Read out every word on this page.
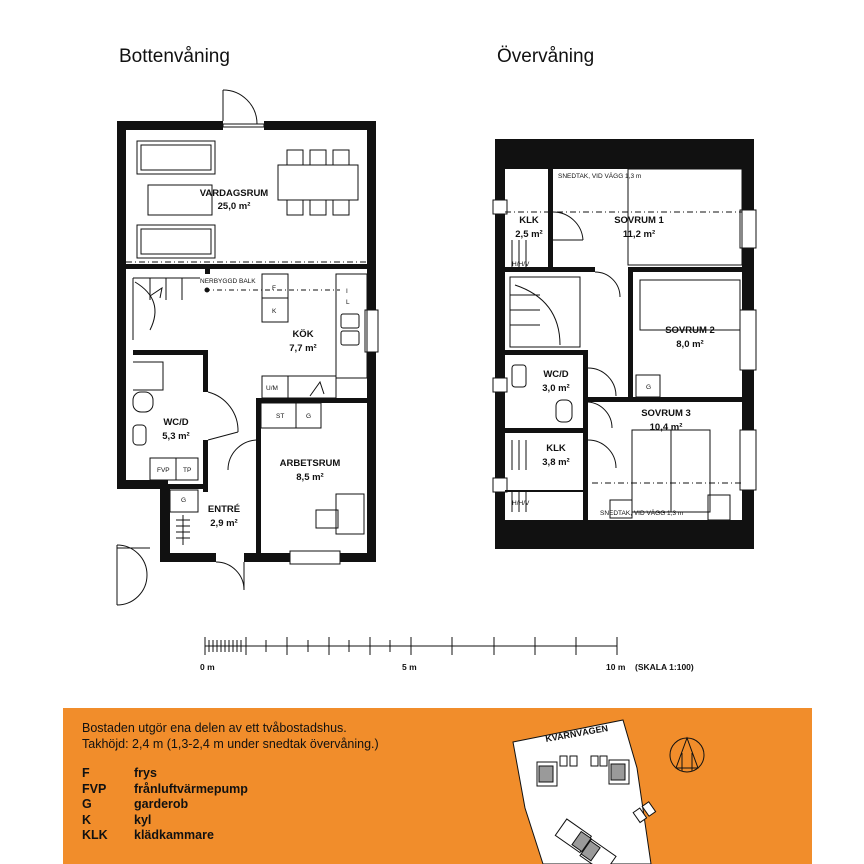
Bottenvåning	Övervåning
VARDAGSRUM
25,0 m²
KÖK
7,7 m²
WC/D
5,3 m²
ARBETSRUM
8,5 m²
ENTRÉ
2,9 m²
NERBYGGD BALK
F
K
I
L
U/M
ST	G
FVP TP
G
KLK
2,5 m²
SOVRUM 1
11,2 m²
SOVRUM 2
8,0 m²
WC/D
3,0 m²
KLK
3,8 m²
SOVRUM 3
10,4 m²
SNEDTAK, VID VÄGG 1,3 m
SNEDTAK, VID VÄGG 1,3 m
G
H/H/V
H/H/V
0 m	5 m	10 m (SKALA 1:100)
Bostaden utgör ena delen av ett tvåbostadshus.
Takhöjd: 2,4 m (1,3-2,4 m under snedtak övervåning.)
F	frys
FVP	frånluftvärmepump
G	garderob
K	kyl
KLK	klädkammare
KVARNVÄGEN
